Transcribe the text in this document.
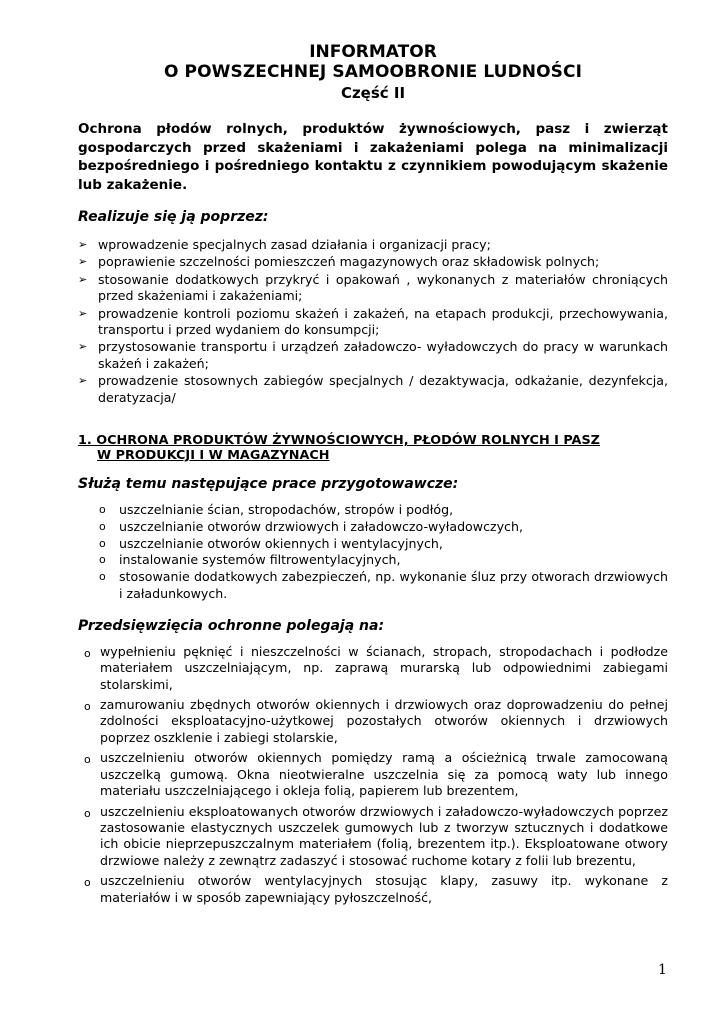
INFORMATOR
O POWSZECHNEJ SAMOOBRONIE LUDNOŚCI
Część II
Ochrona płodów rolnych, produktów żywnościowych, pasz i zwierząt gospodarczych przed skażeniami i zakażeniami polega na minimalizacji bezpośredniego i pośredniego kontaktu z czynnikiem powodującym skażenie lub zakażenie.
Realizuje się ją poprzez:
➢ wprowadzenie specjalnych zasad działania i organizacji pracy;
➢ poprawienie szczelności pomieszczeń magazynowych oraz składowisk polnych;
➢ stosowanie dodatkowych przykryć i opakowań , wykonanych z materiałów chroniących przed skażeniami i zakażeniami;
➢ prowadzenie kontroli poziomu skażeń i zakażeń, na etapach produkcji, przechowywania, transportu i przed wydaniem do konsumpcji;
➢ przystosowanie transportu i urządzeń załadowczo- wyładowczych do pracy w warunkach skażeń i zakażeń;
➢ prowadzenie stosownych zabiegów specjalnych / dezaktywacja, odkażanie, dezynfekcja, deratyzacja/
1. OCHRONA PRODUKTÓW ŻYWNOŚCIOWYCH, PŁODÓW ROLNYCH I PASZ
W PRODUKCJI I W MAGAZYNACH
Służą temu następujące prace przygotowawcze:
o uszczelnianie ścian, stropodachów, stropów i podłóg,
o uszczelnianie otworów drzwiowych i załadowczo-wyładowczych,
o uszczelnianie otworów okiennych i wentylacyjnych,
o instalowanie systemów filtrowentylacyjnych,
o stosowanie dodatkowych zabezpieczeń, np. wykonanie śluz przy otworach drzwiowych i załadunkowych.
Przedsięwzięcia ochronne polegają na:
o wypełnieniu pęknięć i nieszczelności w ścianach, stropach, stropodachach i podłodze materiałem uszczelniającym, np. zaprawą murarską lub odpowiednimi zabiegami stolarskimi,
o zamurowaniu zbędnych otworów okiennych i drzwiowych oraz doprowadzeniu do pełnej zdolności eksploatacyjno-użytkowej pozostałych otworów okiennych i drzwiowych poprzez oszklenie i zabiegi stolarskie,
o uszczelnieniu otworów okiennych pomiędzy ramą a ościeżnicą trwale zamocowaną uszczelką gumową. Okna nieotwieralne uszczelnia się za pomocą waty lub innego materiału uszczelniającego i okleja folią, papierem lub brezentem,
o uszczelnieniu eksploatowanych otworów drzwiowych i załadowczo-wyładowczych poprzez zastosowanie elastycznych uszczelek gumowych lub z tworzyw sztucznych i dodatkowe ich obicie nieprzepuszczalnym materiałem (folią, brezentem itp.). Eksploatowane otwory drzwiowe należy z zewnątrz zadaszyć i stosować ruchome kotary z folii lub brezentu,
o uszczelnieniu otworów wentylacyjnych stosując klapy, zasuwy itp. wykonane z materiałów i w sposób zapewniający pyłoszczelność,
1
